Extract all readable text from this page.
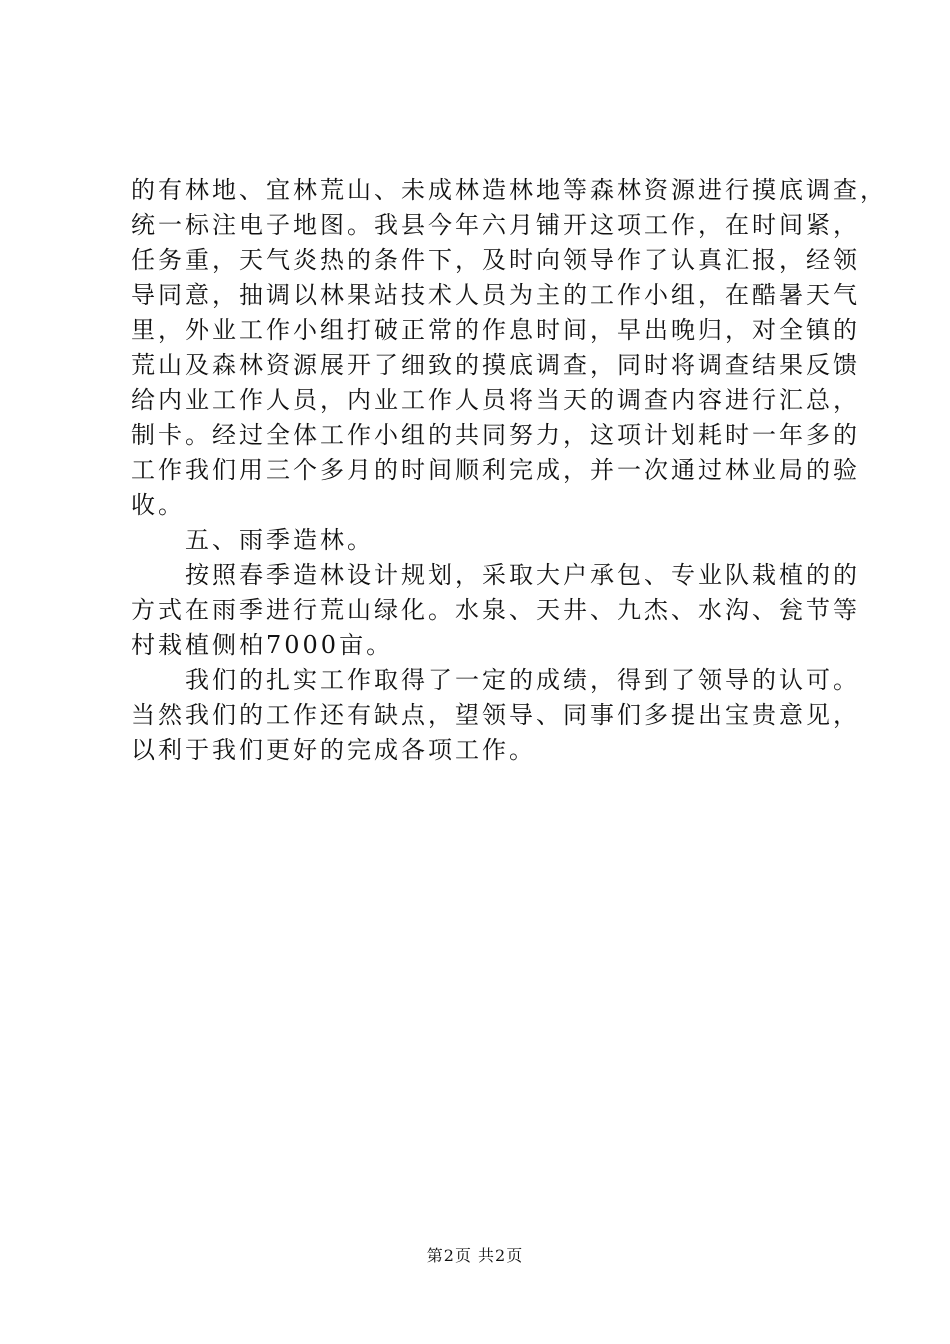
的有林地、宜林荒山、未成林造林地等森林资源进行摸底调查，
统一标注电子地图。我县今年六月铺开这项工作，在时间紧，
任务重，天气炎热的条件下，及时向领导作了认真汇报，经领
导同意，抽调以林果站技术人员为主的工作小组，在酷暑天气
里，外业工作小组打破正常的作息时间，早出晚归，对全镇的
荒山及森林资源展开了细致的摸底调查，同时将调查结果反馈
给内业工作人员，内业工作人员将当天的调查内容进行汇总，
制卡。经过全体工作小组的共同努力，这项计划耗时一年多的
工作我们用三个多月的时间顺利完成，并一次通过林业局的验
收。
　　五、雨季造林。
　　按照春季造林设计规划，采取大户承包、专业队栽植的的
方式在雨季进行荒山绿化。水泉、天井、九杰、水沟、瓮节等
村栽植侧柏7000亩。
　　我们的扎实工作取得了一定的成绩，得到了领导的认可。
当然我们的工作还有缺点，望领导、同事们多提出宝贵意见，
以利于我们更好的完成各项工作。
第2页 共2页
